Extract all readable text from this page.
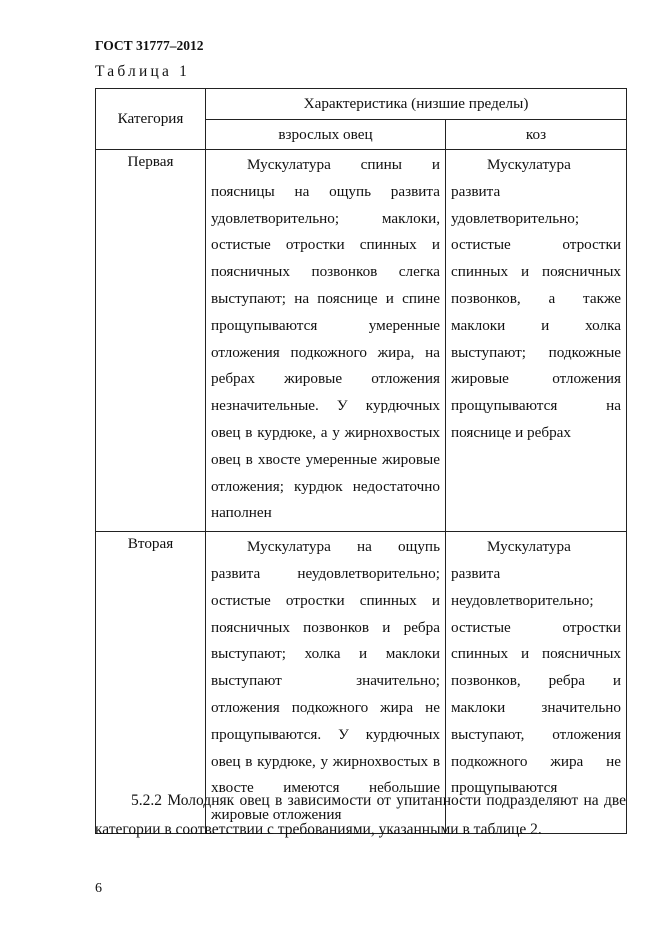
ГОСТ 31777–2012
Таблица 1
Категория	Характеристика (низшие пределы)	
	взрослых овец	коз
Первая	Мускулатура спины и поясницы на ощупь развита удовлетворительно; маклоки, остистые отростки спинных и поясничных позвонков слегка выступают; на пояснице и спине прощупываются умеренные отложения подкожного жира, на ребрах жировые отложения незначительные. У курдючных овец в курдюке, а у жирнохвостых овец в хвосте умеренные жировые отложения; курдюк недостаточно наполнен	Мускулатура развита удовлетворительно; остистые отростки спинных и поясничных позвонков, а также маклоки и холка выступают; подкожные жировые отложения прощупываются на пояснице и ребрах
Вторая	Мускулатура на ощупь развита неудовлетворительно; остистые отростки спинных и поясничных позвонков и ребра выступают; холка и маклоки выступают значительно; отложения подкожного жира не прощупываются. У курдючных овец в курдюке, у жирнохвостых в хвосте имеются небольшие жировые отложения	Мускулатура развита неудовлетворительно; остистые отростки спинных и поясничных позвонков, ребра и маклоки значительно выступают, отложения подкожного жира не прощупываются
5.2.2 Молодняк овец в зависимости от упитанности подразделяют на две категории в соответствии с требованиями, указанными в таблице 2.
6
